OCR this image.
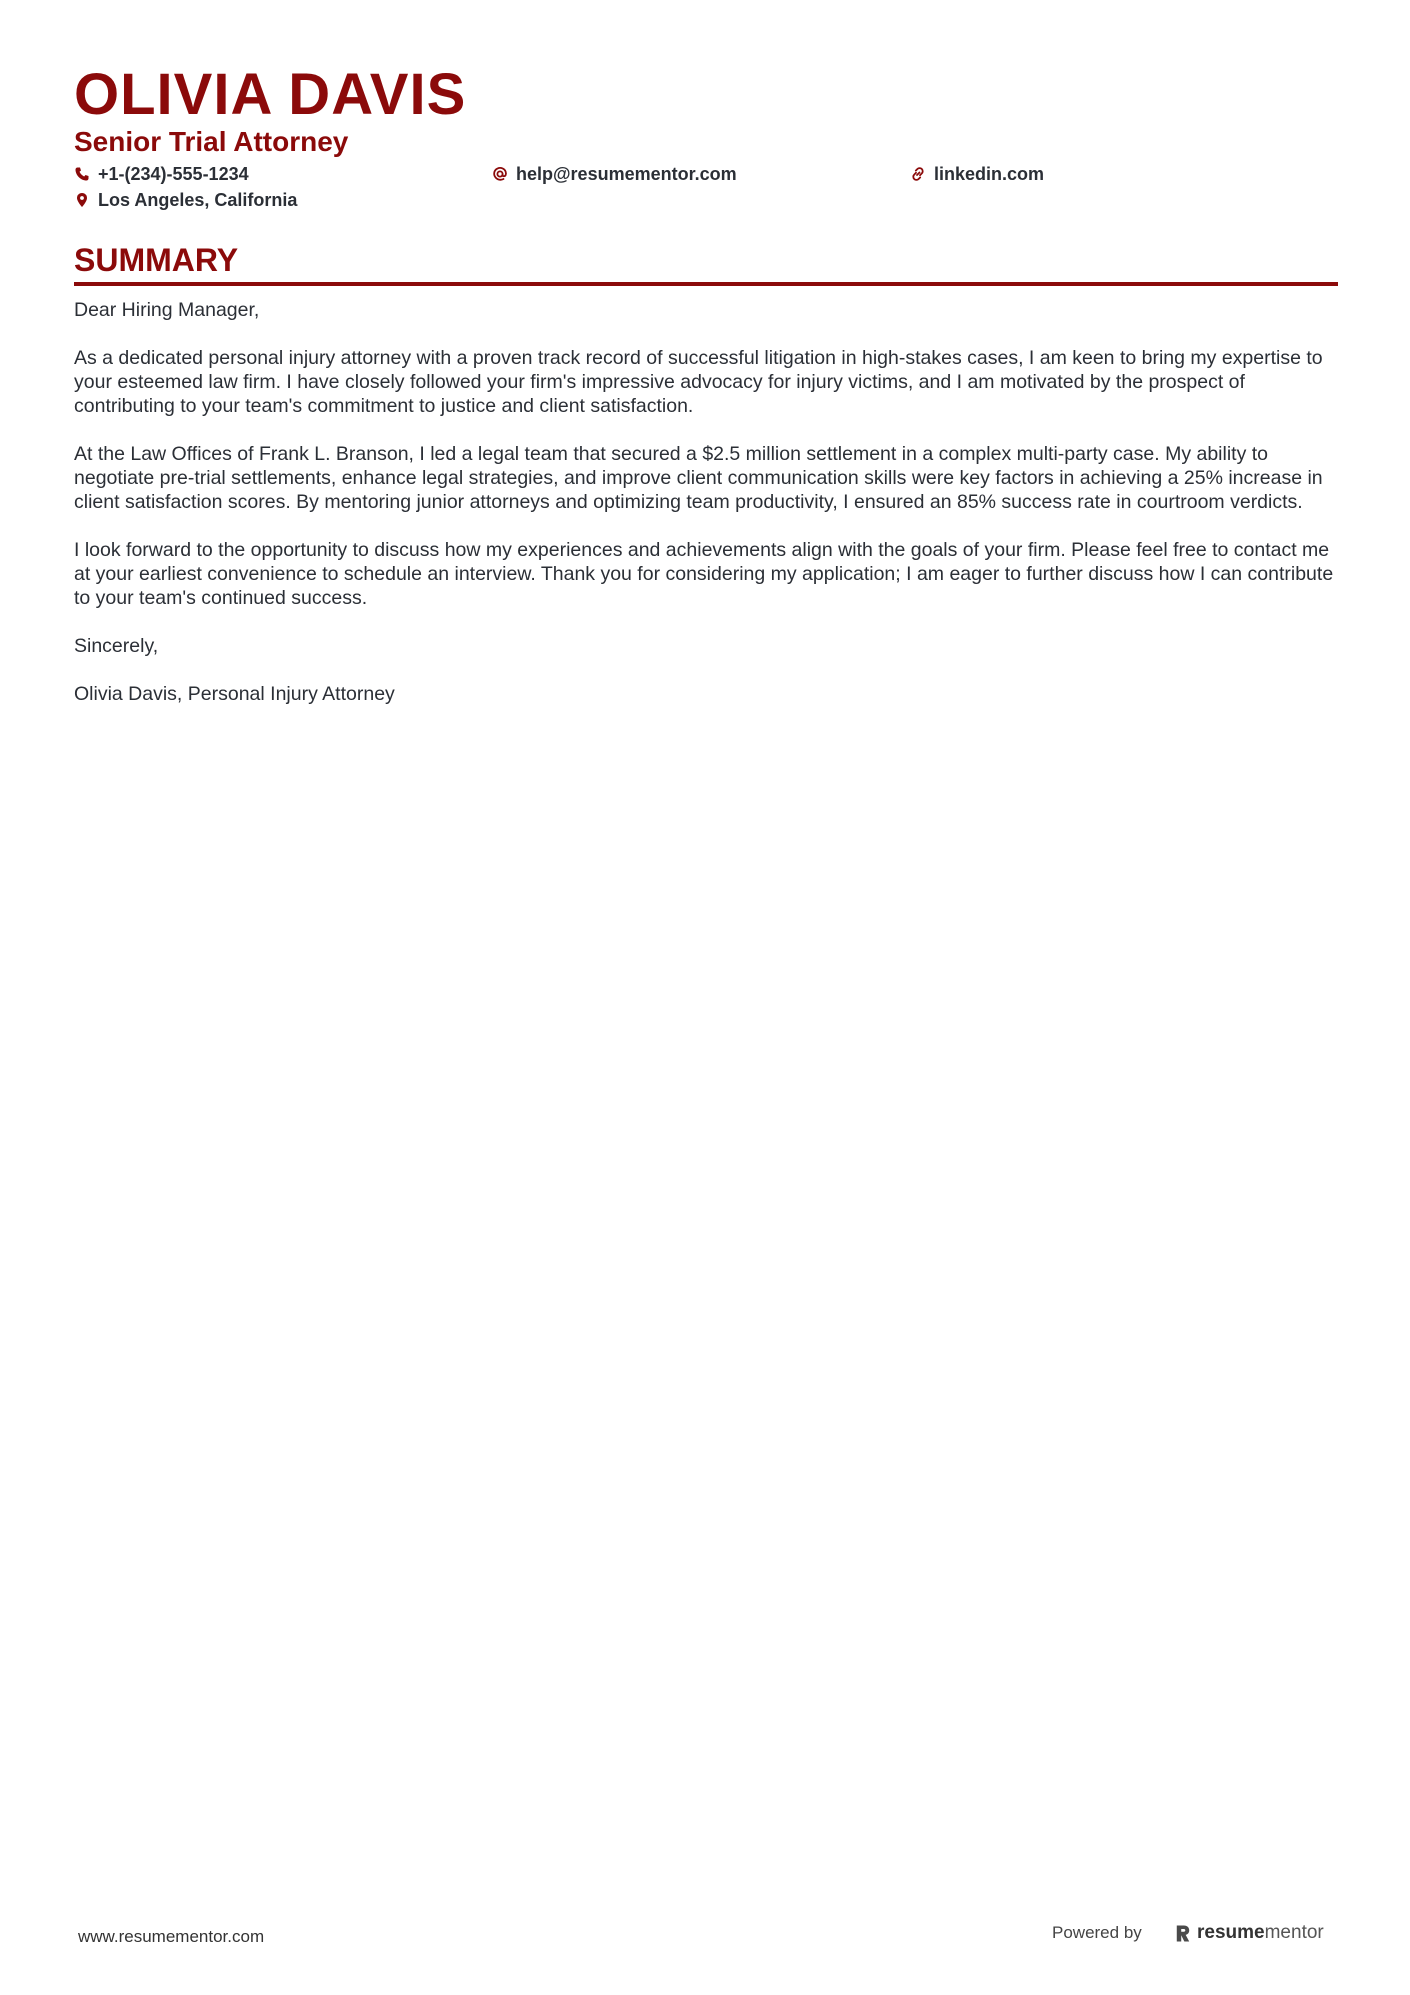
OLIVIA DAVIS
Senior Trial Attorney
+1-(234)-555-1234	help@resumementor.com	linkedin.com
Los Angeles, California
SUMMARY

Dear Hiring Manager,

As a dedicated personal injury attorney with a proven track record of successful litigation in high-stakes cases, I am keen to bring my expertise to your esteemed law firm. I have closely followed your firm's impressive advocacy for injury victims, and I am motivated by the prospect of contributing to your team's commitment to justice and client satisfaction.

At the Law Offices of Frank L. Branson, I led a legal team that secured a $2.5 million settlement in a complex multi-party case. My ability to negotiate pre-trial settlements, enhance legal strategies, and improve client communication skills were key factors in achieving a 25% increase in client satisfaction scores. By mentoring junior attorneys and optimizing team productivity, I ensured an 85% success rate in courtroom verdicts.

I look forward to the opportunity to discuss how my experiences and achievements align with the goals of your firm. Please feel free to contact me at your earliest convenience to schedule an interview. Thank you for considering my application; I am eager to further discuss how I can contribute to your team's continued success.

Sincerely,

Olivia Davis, Personal Injury Attorney

www.resumementor.com	Powered by	resumementor
